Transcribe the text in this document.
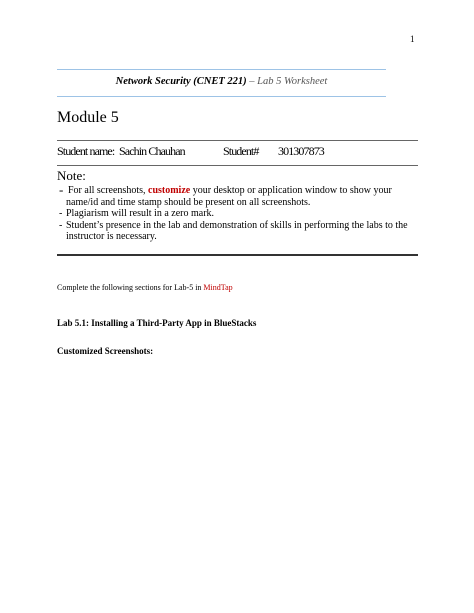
1
Network Security (CNET 221) – Lab 5 Worksheet
Module 5
Student name: Sachin Chauhan	Student# 301307873
Note:
- For all screenshots, customize your desktop or application window to show your
name/id and time stamp should be present on all screenshots.
- Plagiarism will result in a zero mark.
- Student’s presence in the lab and demonstration of skills in performing the labs to the
instructor is necessary.
Complete the following sections for Lab-5 in MindTap
Lab 5.1: Installing a Third-Party App in BlueStacks
Customized Screenshots:
